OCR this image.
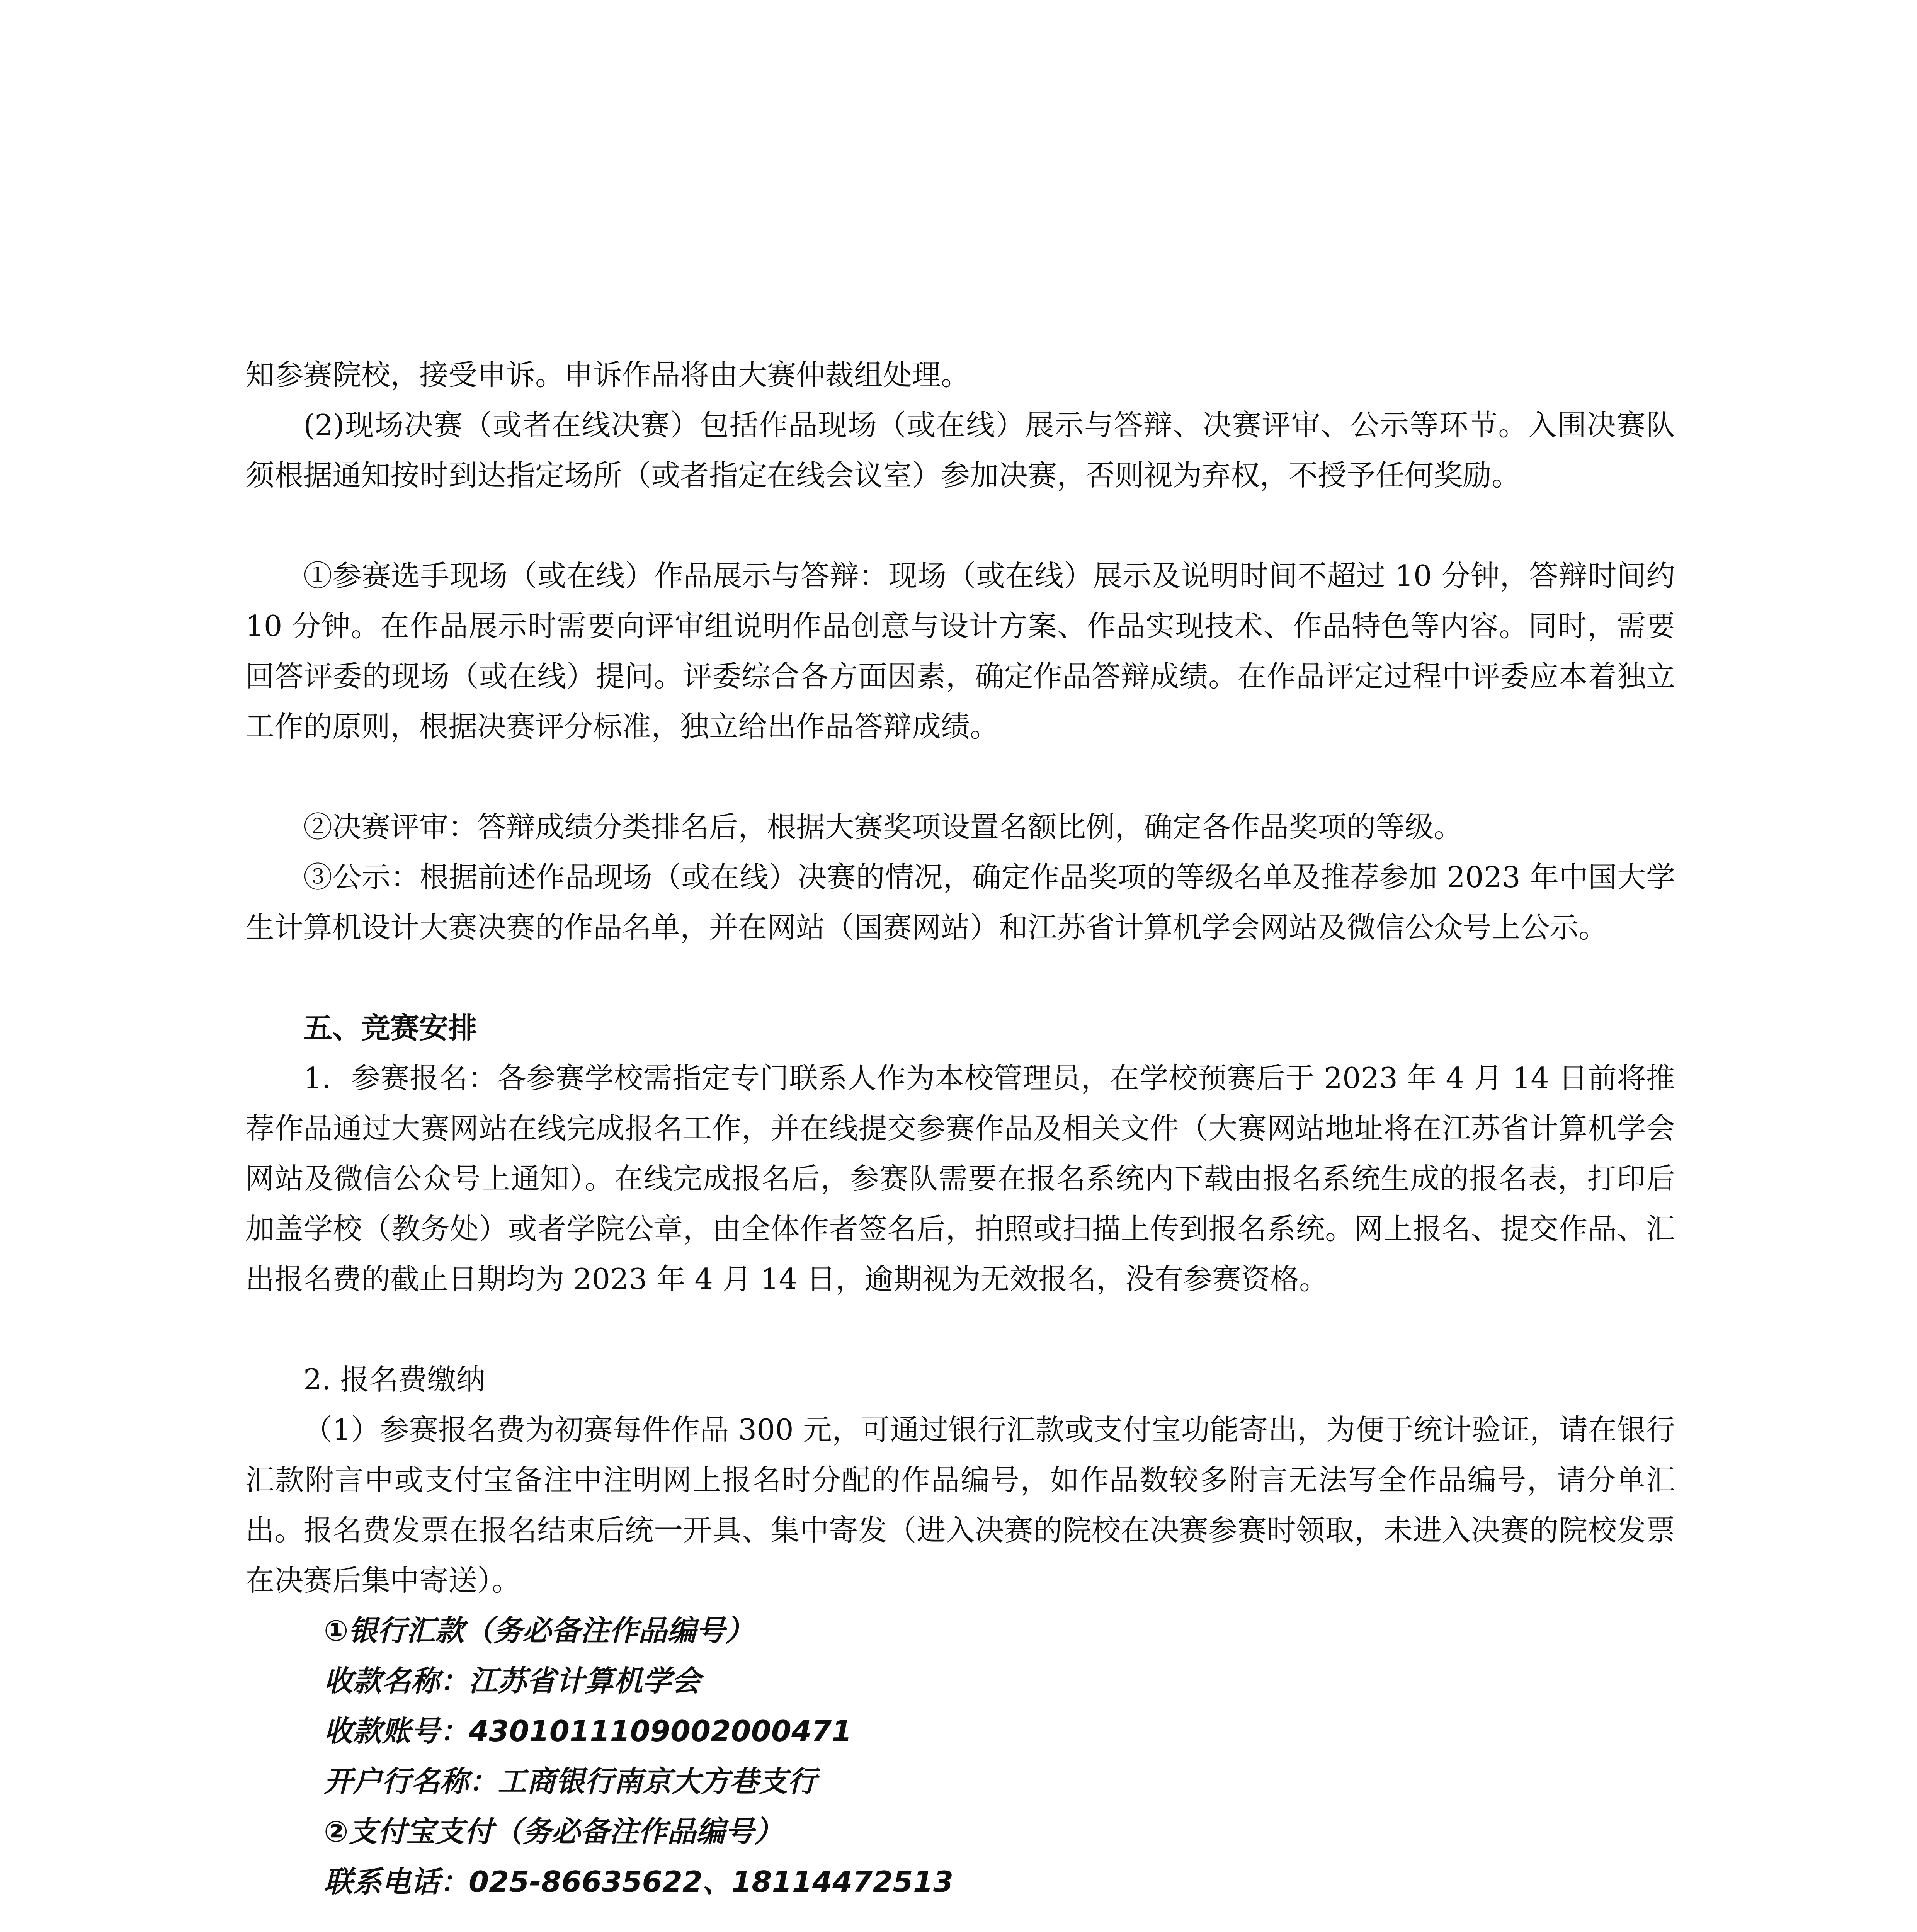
知参赛院校，接受申诉。申诉作品将由大赛仲裁组处理。

(2)现场决赛（或者在线决赛）包括作品现场（或在线）展示与答辩、决赛评审、公示等环节。入围决赛队须根据通知按时到达指定场所（或者指定在线会议室）参加决赛，否则视为弃权，不授予任何奖励。

①参赛选手现场（或在线）作品展示与答辩：现场（或在线）展示及说明时间不超过 10 分钟，答辩时间约 10 分钟。在作品展示时需要向评审组说明作品创意与设计方案、作品实现技术、作品特色等内容。同时，需要回答评委的现场（或在线）提问。评委综合各方面因素，确定作品答辩成绩。在作品评定过程中评委应本着独立工作的原则，根据决赛评分标准，独立给出作品答辩成绩。

②决赛评审：答辩成绩分类排名后，根据大赛奖项设置名额比例，确定各作品奖项的等级。

③公示：根据前述作品现场（或在线）决赛的情况，确定作品奖项的等级名单及推荐参加 2023 年中国大学生计算机设计大赛决赛的作品名单，并在网站（国赛网站）和江苏省计算机学会网站及微信公众号上公示。

五、竞赛安排

1．参赛报名：各参赛学校需指定专门联系人作为本校管理员，在学校预赛后于 2023 年 4 月 14 日前将推荐作品通过大赛网站在线完成报名工作，并在线提交参赛作品及相关文件（大赛网站地址将在江苏省计算机学会网站及微信公众号上通知）。在线完成报名后，参赛队需要在报名系统内下载由报名系统生成的报名表，打印后加盖学校（教务处）或者学院公章，由全体作者签名后，拍照或扫描上传到报名系统。网上报名、提交作品、汇出报名费的截止日期均为 2023 年 4 月 14 日，逾期视为无效报名，没有参赛资格。

2. 报名费缴纳

（1）参赛报名费为初赛每件作品 300 元，可通过银行汇款或支付宝功能寄出，为便于统计验证，请在银行汇款附言中或支付宝备注中注明网上报名时分配的作品编号，如作品数较多附言无法写全作品编号，请分单汇出。报名费发票在报名结束后统一开具、集中寄发（进入决赛的院校在决赛参赛时领取，未进入决赛的院校发票在决赛后集中寄送）。

①银行汇款（务必备注作品编号）
收款名称：江苏省计算机学会
收款账号：4301011109002000471
开户行名称：工商银行南京大方巷支行
②支付宝支付（务必备注作品编号）
联系电话：025-86635622、18114472513
